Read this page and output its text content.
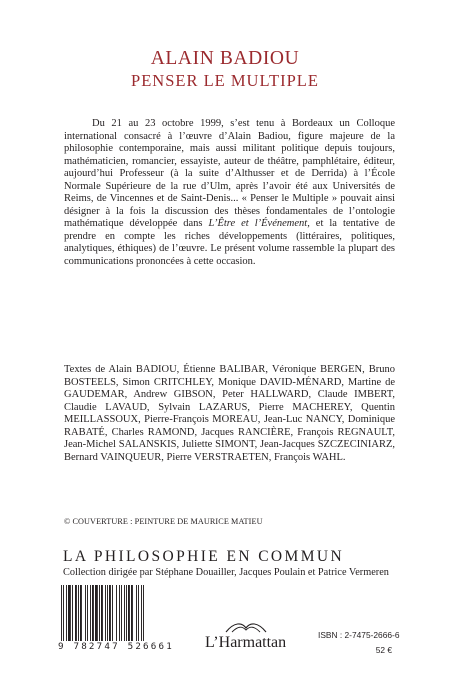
ALAIN BADIOU
PENSER LE MULTIPLE

Du 21 au 23 octobre 1999, s’est tenu à Bordeaux un Colloque international consacré à l’œuvre d’Alain Badiou, figure majeure de la philosophie contemporaine, mais aussi militant politique depuis toujours, mathématicien, romancier, essayiste, auteur de théâtre, pamphlétaire, éditeur, aujourd’hui Professeur (à la suite d’Althusser et de Derrida) à l’École Normale Supérieure de la rue d’Ulm, après l’avoir été aux Universités de Reims, de Vincennes et de Saint-Denis... « Penser le Multiple » pouvait ainsi désigner à la fois la discussion des thèses fondamentales de l’ontologie mathématique développée dans L’Être et l’Événement, et la tentative de prendre en compte les riches développements (littéraires, politiques, analytiques, éthiques) de l’œuvre. Le présent volume rassemble la plupart des communications prononcées à cette occasion.

Textes de Alain BADIOU, Étienne BALIBAR, Véronique BERGEN, Bruno BOSTEELS, Simon CRITCHLEY, Monique DAVID-MÉNARD, Martine de GAUDEMAR, Andrew GIBSON, Peter HALLWARD, Claude IMBERT, Claudie LAVAUD, Sylvain LAZARUS, Pierre MACHEREY, Quentin MEILLASSOUX, Pierre-François MOREAU, Jean-Luc NANCY, Dominique RABATÉ, Charles RAMOND, Jacques RANCIÈRE, François REGNAULT, Jean-Michel SALANSKIS, Juliette SIMONT, Jean-Jacques SZCZECINIARZ, Bernard VAINQUEUR, Pierre VERSTRAETEN, François WAHL.

© COUVERTURE : PEINTURE DE MAURICE MATIEU

LA PHILOSOPHIE EN COMMUN

Collection dirigée par Stéphane Douailler, Jacques Poulain et Patrice Vermeren

9 782747 526661 L’Harmattan	ISBN : 2-7475-2666-6

52 €
